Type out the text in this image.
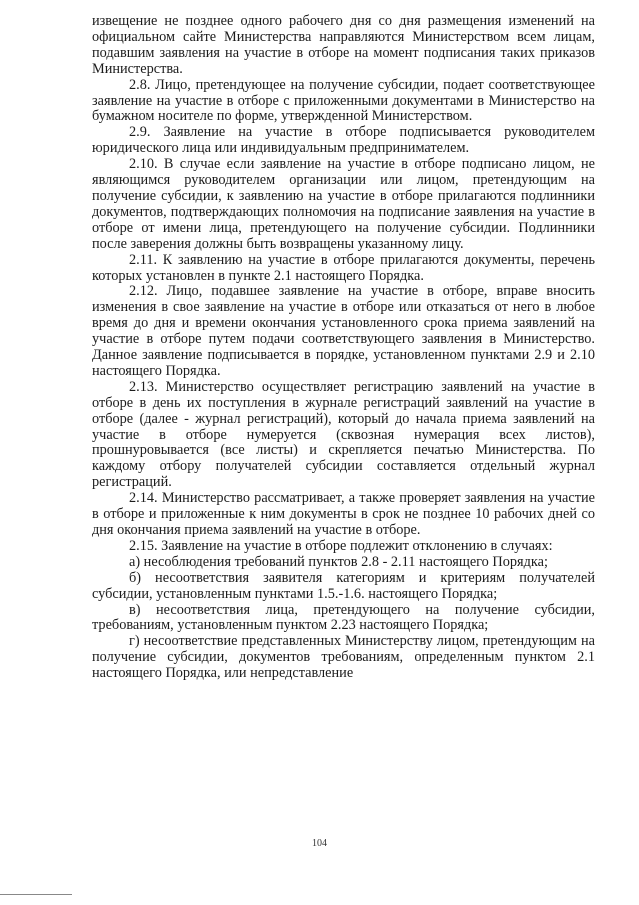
извещение не позднее одного рабочего дня со дня размещения изменений на официальном сайте Министерства направляются Министерством всем лицам, подавшим заявления на участие в отборе на момент подписания таких приказов Министерства.

2.8. Лицо, претендующее на получение субсидии, подает соответствующее заявление на участие в отборе с приложенными документами в Министерство на бумажном носителе по форме, утвержденной Министерством.

2.9. Заявление на участие в отборе подписывается руководителем юридического лица или индивидуальным предпринимателем.

2.10. В случае если заявление на участие в отборе подписано лицом, не являющимся руководителем организации или лицом, претендующим на получение субсидии, к заявлению на участие в отборе прилагаются подлинники документов, подтверждающих полномочия на подписание заявления на участие в отборе от имени лица, претендующего на получение субсидии. Подлинники после заверения должны быть возвращены указанному лицу.

2.11. К заявлению на участие в отборе прилагаются документы, перечень которых установлен в пункте 2.1 настоящего Порядка.

2.12. Лицо, подавшее заявление на участие в отборе, вправе вносить изменения в свое заявление на участие в отборе или отказаться от него в любое время до дня и времени окончания установленного срока приема заявлений на участие в отборе путем подачи соответствующего заявления в Министерство. Данное заявление подписывается в порядке, установленном пунктами 2.9 и 2.10 настоящего Порядка.

2.13. Министерство осуществляет регистрацию заявлений на участие в отборе в день их поступления в журнале регистраций заявлений на участие в отборе (далее - журнал регистраций), который до начала приема заявлений на участие в отборе нумеруется (сквозная нумерация всех листов), прошнуровывается (все листы) и скрепляется печатью Министерства. По каждому отбору получателей субсидии составляется отдельный журнал регистраций.

2.14. Министерство рассматривает, а также проверяет заявления на участие в отборе и приложенные к ним документы в срок не позднее 10 рабочих дней со дня окончания приема заявлений на участие в отборе.

2.15. Заявление на участие в отборе подлежит отклонению в случаях:

а) несоблюдения требований пунктов 2.8 - 2.11 настоящего Порядка;

б) несоответствия заявителя категориям и критериям получателей субсидии, установленным пунктами 1.5.-1.6. настоящего Порядка;

в) несоответствия лица, претендующего на получение субсидии, требованиям, установленным пунктом 2.23 настоящего Порядка;

г) несоответствие представленных Министерству лицом, претендующим на получение субсидии, документов требованиям, определенным пунктом 2.1 настоящего Порядка, или непредставление

104
